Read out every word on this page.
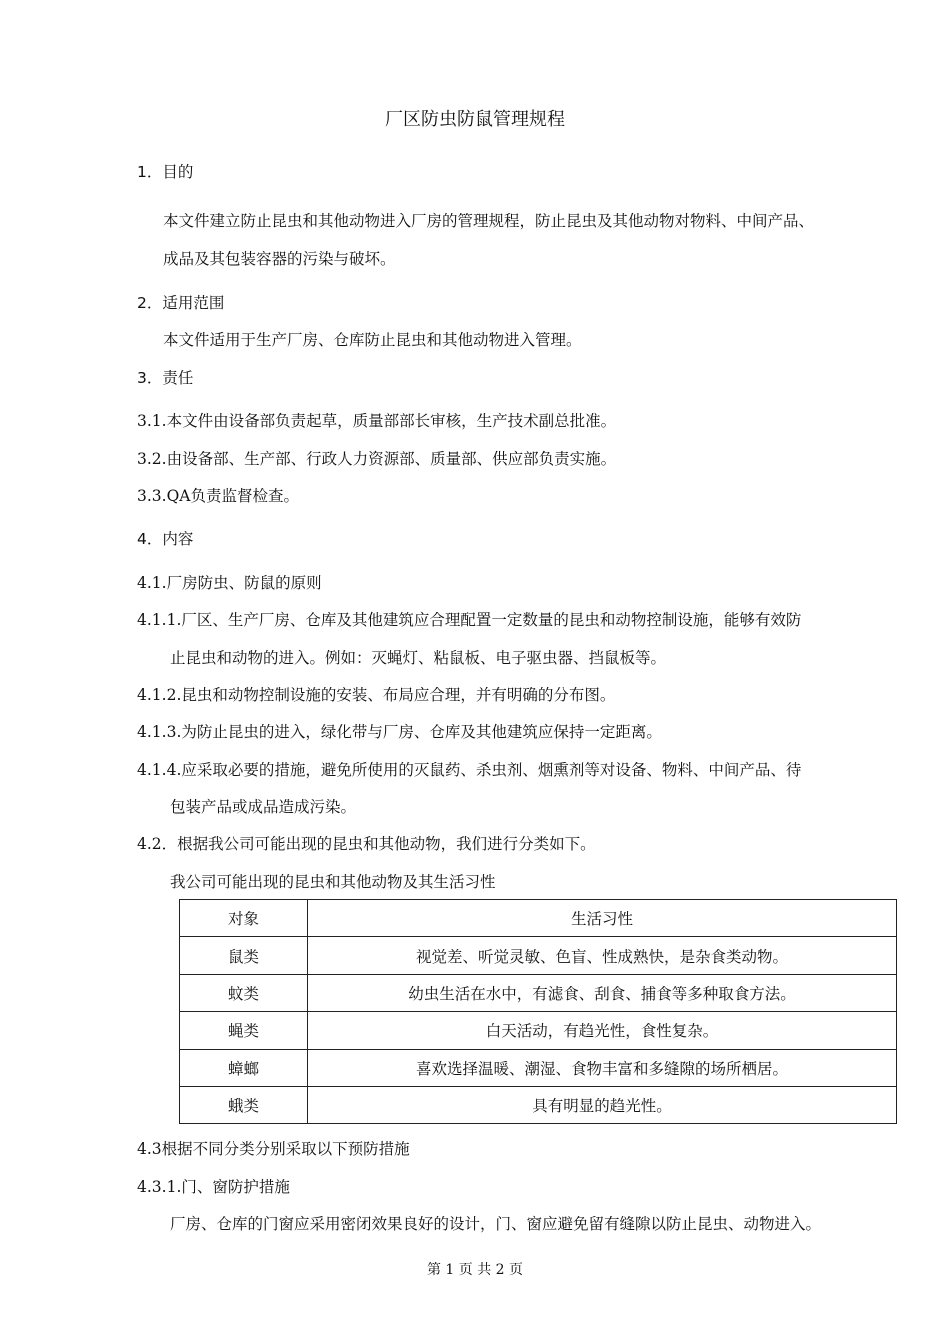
厂区防虫防鼠管理规程
1．目的
本文件建立防止昆虫和其他动物进入厂房的管理规程，防止昆虫及其他动物对物料、中间产品、
成品及其包装容器的污染与破坏。
2．适用范围
本文件适用于生产厂房、仓库防止昆虫和其他动物进入管理。
3．责任
3.1.本文件由设备部负责起草，质量部部长审核，生产技术副总批准。
3.2.由设备部、生产部、行政人力资源部、质量部、供应部负责实施。
3.3.QA负责监督检查。
4．内容
4.1.厂房防虫、防鼠的原则
4.1.1.厂区、生产厂房、仓库及其他建筑应合理配置一定数量的昆虫和动物控制设施，能够有效防
止昆虫和动物的进入。例如：灭蝇灯、粘鼠板、电子驱虫器、挡鼠板等。
4.1.2.昆虫和动物控制设施的安装、布局应合理，并有明确的分布图。
4.1.3.为防止昆虫的进入，绿化带与厂房、仓库及其他建筑应保持一定距离。
4.1.4.应采取必要的措施，避免所使用的灭鼠药、杀虫剂、烟熏剂等对设备、物料、中间产品、待
包装产品或成品造成污染。
4.2．根据我公司可能出现的昆虫和其他动物，我们进行分类如下。
我公司可能出现的昆虫和其他动物及其生活习性
对象	生活习性
鼠类	视觉差、听觉灵敏、色盲、性成熟快，是杂食类动物。
蚊类	幼虫生活在水中，有滤食、刮食、捕食等多种取食方法。
蝇类	白天活动，有趋光性，食性复杂。
蟑螂	喜欢选择温暖、潮湿、食物丰富和多缝隙的场所栖居。
蛾类	具有明显的趋光性。
4.3根据不同分类分别采取以下预防措施
4.3.1.门、窗防护措施
厂房、仓库的门窗应采用密闭效果良好的设计，门、窗应避免留有缝隙以防止昆虫、动物进入。
第 1 页 共 2 页
